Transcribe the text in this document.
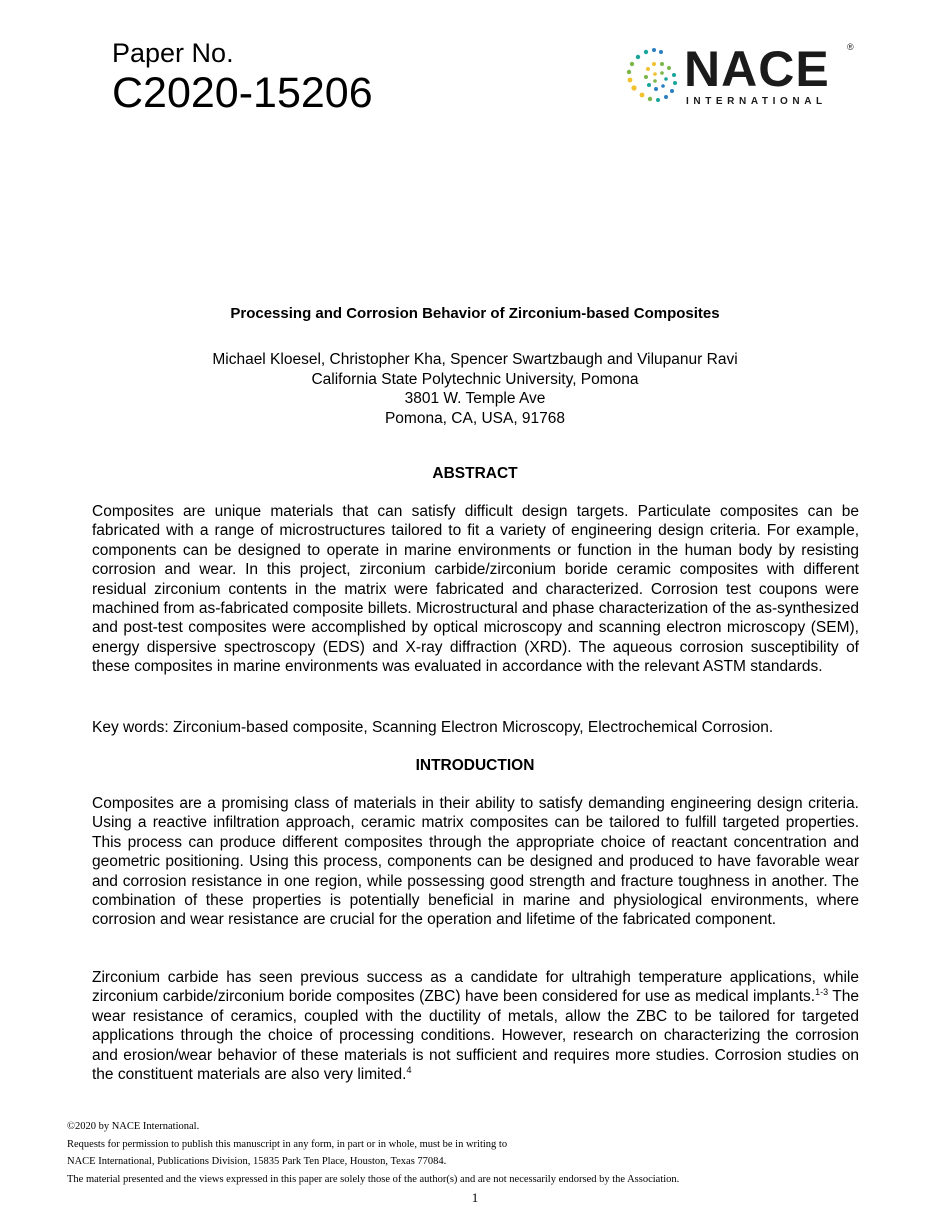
Paper No.
C2020-15206	NACE
INTERNATIONAL
®
Processing and Corrosion Behavior of Zirconium-based Composites
Michael Kloesel, Christopher Kha, Spencer Swartzbaugh and Vilupanur Ravi
California State Polytechnic University, Pomona
3801 W. Temple Ave
Pomona, CA, USA, 91768
ABSTRACT

Composites are unique materials that can satisfy difficult design targets. Particulate composites can be fabricated with a range of microstructures tailored to fit a variety of engineering design criteria. For example, components can be designed to operate in marine environments or function in the human body by resisting corrosion and wear. In this project, zirconium carbide/zirconium boride ceramic composites with different residual zirconium contents in the matrix were fabricated and characterized. Corrosion test coupons were machined from as-fabricated composite billets. Microstructural and phase characterization of the as-synthesized and post-test composites were accomplished by optical microscopy and scanning electron microscopy (SEM), energy dispersive spectroscopy (EDS) and X-ray diffraction (XRD). The aqueous corrosion susceptibility of these composites in marine environments was evaluated in accordance with the relevant ASTM standards.

Key words: Zirconium-based composite, Scanning Electron Microscopy, Electrochemical Corrosion.

INTRODUCTION

Composites are a promising class of materials in their ability to satisfy demanding engineering design criteria. Using a reactive infiltration approach, ceramic matrix composites can be tailored to fulfill targeted properties. This process can produce different composites through the appropriate choice of reactant concentration and geometric positioning. Using this process, components can be designed and produced to have favorable wear and corrosion resistance in one region, while possessing good strength and fracture toughness in another. The combination of these properties is potentially beneficial in marine and physiological environments, where corrosion and wear resistance are crucial for the operation and lifetime of the fabricated component.

Zirconium carbide has seen previous success as a candidate for ultrahigh temperature applications, while zirconium carbide/zirconium boride composites (ZBC) have been considered for use as medical implants.$^{1-3}$ The wear resistance of ceramics, coupled with the ductility of metals, allow the ZBC to be tailored for targeted applications through the choice of processing conditions. However, research on characterizing the corrosion and erosion/wear behavior of these materials is not sufficient and requires more studies. Corrosion studies on the constituent materials are also very limited.$^4$

©2020 by NACE International.
Requests for permission to publish this manuscript in any form, in part or in whole, must be in writing to
NACE International, Publications Division, 15835 Park Ten Place, Houston, Texas 77084.
The material presented and the views expressed in this paper are solely those of the author(s) and are not necessarily endorsed by the Association.
1
